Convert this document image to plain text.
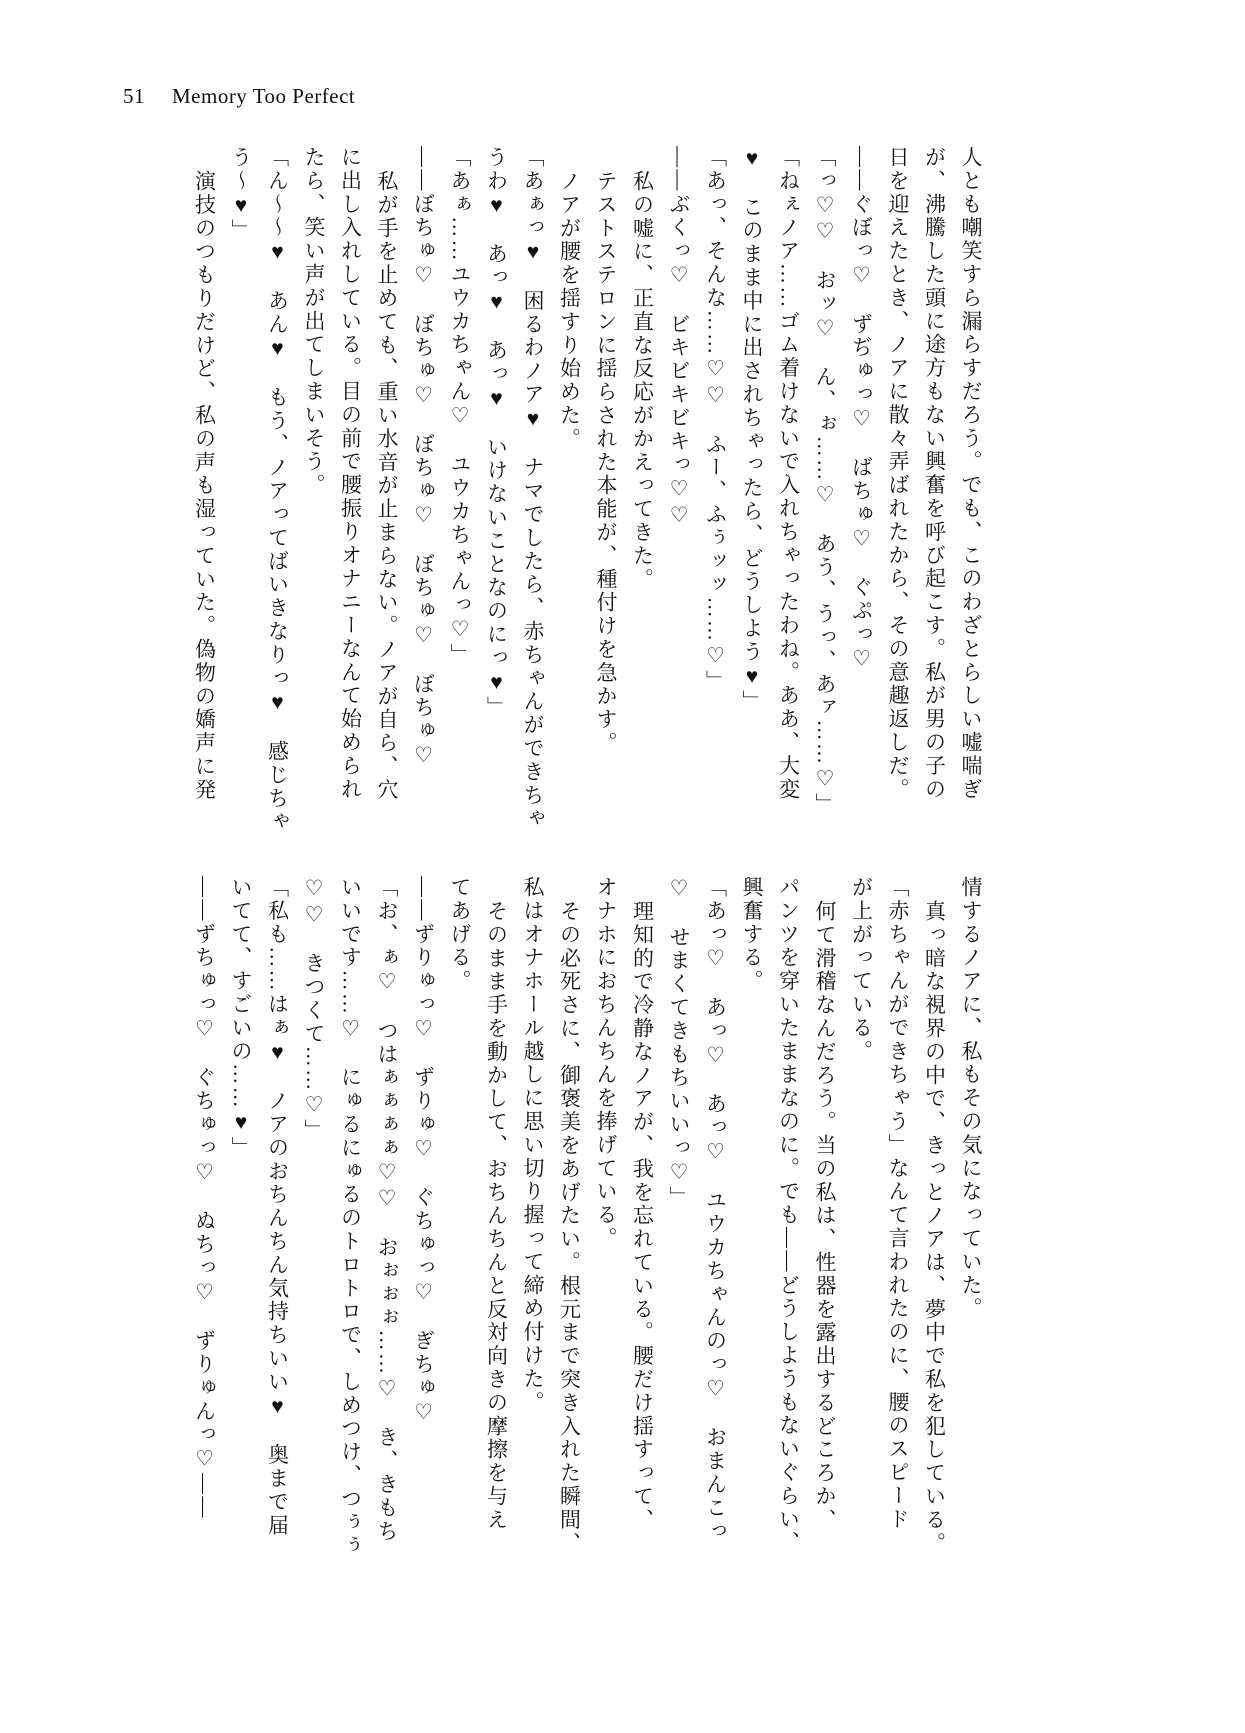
51 Memory Too Perfect
人とも嘲笑すら漏らすだろう。でも、このわざとらしい嘘喘ぎ
が、沸騰した頭に途方もない興奮を呼び起こす。私が男の子の
日を迎えたとき、ノアに散々弄ばれたから、その意趣返しだ。
——ぐぼっ♡　ずぢゅっ♡　ばちゅ♡　ぐぷっ♡
「っ♡♡　おッ♡　ん、ぉ……♡　あう、うっ、あァ……♡」
「ねぇノア……ゴム着けないで入れちゃったわね。ああ、大変
♥　このまま中に出されちゃったら、どうしよう♥」
「あっ、そんな……♡♡　ふー、ふぅッッ……♡」
——ぶくっ♡　ビキビキビキっ♡♡
私の嘘に、正直な反応がかえってきた。
テストステロンに揺らされた本能が、種付けを急かす。
ノアが腰を揺すり始めた。
「あぁっ♥　困るわノア♥　ナマでしたら、赤ちゃんができちゃ
うわ♥　あっ♥　あっ♥　いけないことなのにっ♥」
「あぁ……ユウカちゃん♡　ユウカちゃんっ♡」
——ぼちゅ♡　ぼちゅ♡　ぼちゅ♡　ぼちゅ♡　ぼちゅ♡
私が手を止めても、重い水音が止まらない。ノアが自ら、穴
に出し入れしている。目の前で腰振りオナニーなんて始められ
たら、笑い声が出てしまいそう。
「ん〜〜♥　あん♥　もう、ノアってばいきなりっ♥　感じちゃ
う〜♥」
演技のつもりだけど、私の声も湿っていた。偽物の嬌声に発
情するノアに、私もその気になっていた。
真っ暗な視界の中で、きっとノアは、夢中で私を犯している。
「赤ちゃんができちゃう」なんて言われたのに、腰のスピード
が上がっている。
何て滑稽なんだろう。当の私は、性器を露出するどころか、
パンツを穿いたままなのに。でも——どうしようもないぐらい、
興奮する。
「あっ♡　あっ♡　あっ♡　ユウカちゃんのっ♡　おまんこっ
♡　せまくてきもちいいっ♡」
理知的で冷静なノアが、我を忘れている。腰だけ揺すって、
オナホにおちんちんを捧げている。
その必死さに、御褒美をあげたい。根元まで突き入れた瞬間、
私はオナホール越しに思い切り握って締め付けた。
そのまま手を動かして、おちんちんと反対向きの摩擦を与え
てあげる。
——ずりゅっ♡　ずりゅ♡　ぐちゅっ♡　ぎちゅ♡
「お、ぁ♡　つはぁぁぁぁ♡♡　おぉぉぉ……♡　き、きもち
いいです……♡　にゅるにゅるのトロトロで、しめつけ、つぅぅ
♡♡　きつくて……♡」
「私も……はぁ♥　ノアのおちんちん気持ちいい♥　奥まで届
いてて、すごいの……♥」
——ずちゅっ♡　ぐちゅっ♡　ぬちっ♡　ずりゅんっ♡——
